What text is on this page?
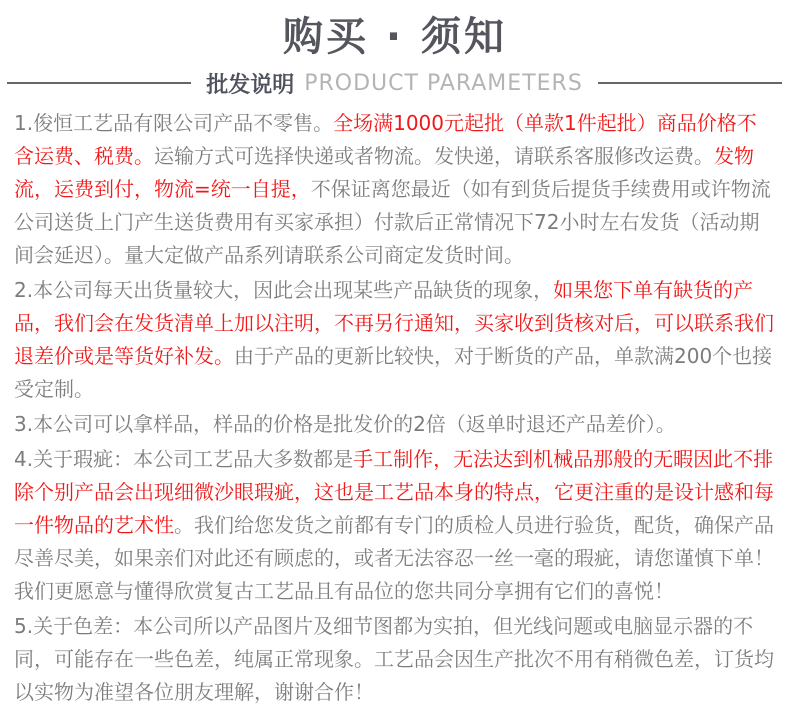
购买 · 须知
批发说明 PRODUCT PARAMETERS

1.俊恒工艺品有限公司产品不零售。全场满1000元起批（单款1件起批）商品价格不含运费、税费。运输方式可选择快递或者物流。发快递，请联系客服修改运费。发物流，运费到付，物流=统一自提，不保证离您最近（如有到货后提货手续费用或许物流公司送货上门产生送货费用有买家承担）付款后正常情况下72小时左右发货（活动期间会延迟）。量大定做产品系列请联系公司商定发货时间。

2.本公司每天出货量较大，因此会出现某些产品缺货的现象，如果您下单有缺货的产品，我们会在发货清单上加以注明，不再另行通知，买家收到货核对后，可以联系我们退差价或是等货好补发。由于产品的更新比较快，对于断货的产品，单款满200个也接受定制。

3.本公司可以拿样品，样品的价格是批发价的2倍（返单时退还产品差价）。

4.关于瑕疵：本公司工艺品大多数都是手工制作，无法达到机械品那般的无暇因此不排除个别产品会出现细微沙眼瑕疵，这也是工艺品本身的特点，它更注重的是设计感和每一件物品的艺术性。我们给您发货之前都有专门的质检人员进行验货，配货，确保产品尽善尽美，如果亲们对此还有顾虑的，或者无法容忍一丝一毫的瑕疵，请您谨慎下单！我们更愿意与懂得欣赏复古工艺品且有品位的您共同分享拥有它们的喜悦！

5.关于色差：本公司所以产品图片及细节图都为实拍，但光线问题或电脑显示器的不同，可能存在一些色差，纯属正常现象。工艺品会因生产批次不用有稍微色差，订货均以实物为准望各位朋友理解，谢谢合作！
